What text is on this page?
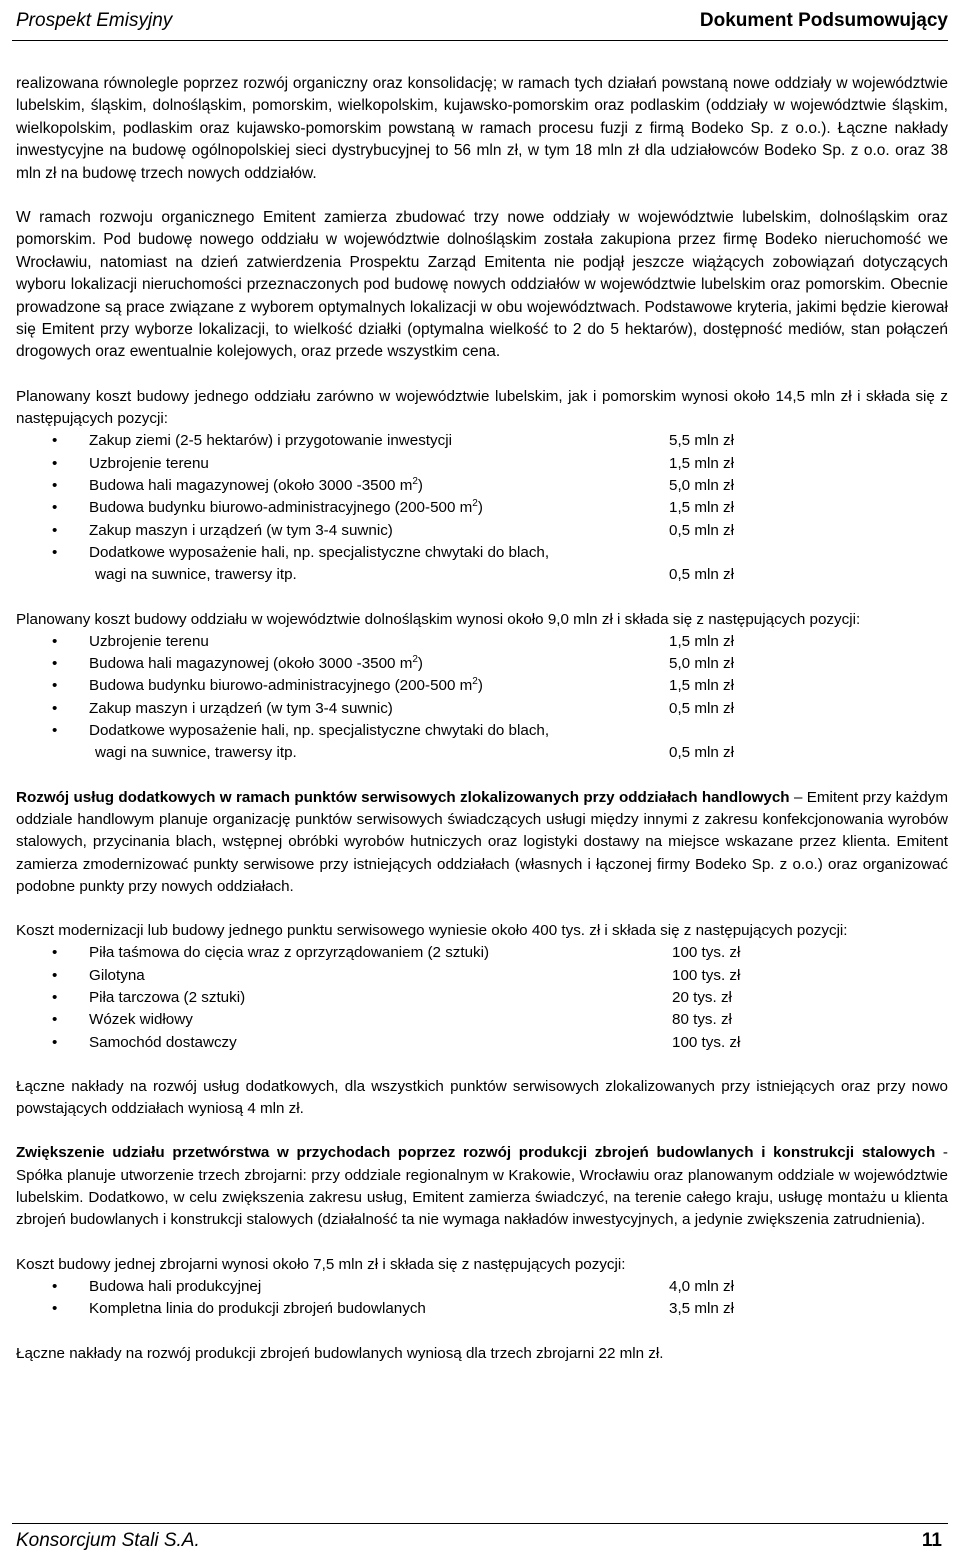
Prospekt Emisyjny	Dokument Podsumowujący

realizowana równolegle poprzez rozwój organiczny oraz konsolidację; w ramach tych działań powstaną nowe oddziały w województwie lubelskim, śląskim, dolnośląskim, pomorskim, wielkopolskim, kujawsko-pomorskim oraz podlaskim (oddziały w województwie śląskim, wielkopolskim, podlaskim oraz kujawsko-pomorskim powstaną w ramach procesu fuzji z firmą Bodeko Sp. z o.o.). Łączne nakłady inwestycyjne na budowę ogólnopolskiej sieci dystrybucyjnej to 56 mln zł, w tym 18 mln zł dla udziałowców Bodeko Sp. z o.o. oraz 38 mln zł na budowę trzech nowych oddziałów.

W ramach rozwoju organicznego Emitent zamierza zbudować trzy nowe oddziały w województwie lubelskim, dolnośląskim oraz pomorskim. Pod budowę nowego oddziału w województwie dolnośląskim została zakupiona przez firmę Bodeko nieruchomość we Wrocławiu, natomiast na dzień zatwierdzenia Prospektu Zarząd Emitenta nie podjął jeszcze wiążących zobowiązań dotyczących wyboru lokalizacji nieruchomości przeznaczonych pod budowę nowych oddziałów w województwie lubelskim oraz pomorskim. Obecnie prowadzone są prace związane z wyborem optymalnych lokalizacji w obu województwach. Podstawowe kryteria, jakimi będzie kierował się Emitent przy wyborze lokalizacji, to wielkość działki (optymalna wielkość to 2 do 5 hektarów), dostępność mediów, stan połączeń drogowych oraz ewentualnie kolejowych, oraz przede wszystkim cena.

Planowany koszt budowy jednego oddziału zarówno w województwie lubelskim, jak i pomorskim wynosi około 14,5 mln zł i składa się z następujących pozycji:

• Zakup ziemi (2-5 hektarów) i przygotowanie inwestycji	5,5 mln zł
• Uzbrojenie terenu	1,5 mln zł
• Budowa hali magazynowej (około 3000 -3500 $m^2$)	5,0 mln zł
• Budowa budynku biurowo-administracyjnego (200-500 $m^2$)	1,5 mln zł
• Zakup maszyn i urządzeń (w tym 3-4 suwnic)	0,5 mln zł
• Dodatkowe wyposażenie hali, np. specjalistyczne chwytaki do blach,
wagi na suwnice, trawersy itp.	0,5 mln zł

Planowany koszt budowy oddziału w województwie dolnośląskim wynosi około 9,0 mln zł i składa się z następujących pozycji:

• Uzbrojenie terenu	1,5 mln zł
• Budowa hali magazynowej (około 3000 -3500 $m^2$)	5,0 mln zł
• Budowa budynku biurowo-administracyjnego (200-500 $m^2$)	1,5 mln zł
• Zakup maszyn i urządzeń (w tym 3-4 suwnic)	0,5 mln zł
• Dodatkowe wyposażenie hali, np. specjalistyczne chwytaki do blach,
wagi na suwnice, trawersy itp.	0,5 mln zł

Rozwój usług dodatkowych w ramach punktów serwisowych zlokalizowanych przy oddziałach handlowych – Emitent przy każdym oddziale handlowym planuje organizację punktów serwisowych świadczących usługi między innymi z zakresu konfekcjonowania wyrobów stalowych, przycinania blach, wstępnej obróbki wyrobów hutniczych oraz logistyki dostawy na miejsce wskazane przez klienta. Emitent zamierza zmodernizować punkty serwisowe przy istniejących oddziałach (własnych i łączonej firmy Bodeko Sp. z o.o.) oraz organizować podobne punkty przy nowych oddziałach.

Koszt modernizacji lub budowy jednego punktu serwisowego wyniesie około 400 tys. zł i składa się z następujących pozycji:

• Piła taśmowa do cięcia wraz z oprzyrządowaniem (2 sztuki)	100 tys. zł
• Gilotyna	100 tys. zł
• Piła tarczowa (2 sztuki)	20 tys. zł
• Wózek widłowy	80 tys. zł
• Samochód dostawczy	100 tys. zł

Łączne nakłady na rozwój usług dodatkowych, dla wszystkich punktów serwisowych zlokalizowanych przy istniejących oraz przy nowo powstających oddziałach wyniosą 4 mln zł.

Zwiększenie udziału przetwórstwa w przychodach poprzez rozwój produkcji zbrojeń budowlanych i konstrukcji stalowych - Spółka planuje utworzenie trzech zbrojarni: przy oddziale regionalnym w Krakowie, Wrocławiu oraz planowanym oddziale w województwie lubelskim. Dodatkowo, w celu zwiększenia zakresu usług, Emitent zamierza świadczyć, na terenie całego kraju, usługę montażu u klienta zbrojeń budowlanych i konstrukcji stalowych (działalność ta nie wymaga nakładów inwestycyjnych, a jedynie zwiększenia zatrudnienia).

Koszt budowy jednej zbrojarni wynosi około 7,5 mln zł i składa się z następujących pozycji:

• Budowa hali produkcyjnej	4,0 mln zł
• Kompletna linia do produkcji zbrojeń budowlanych	3,5 mln zł

Łączne nakłady na rozwój produkcji zbrojeń budowlanych wyniosą dla trzech zbrojarni 22 mln zł.

Konsorcjum Stali S.A.	11
